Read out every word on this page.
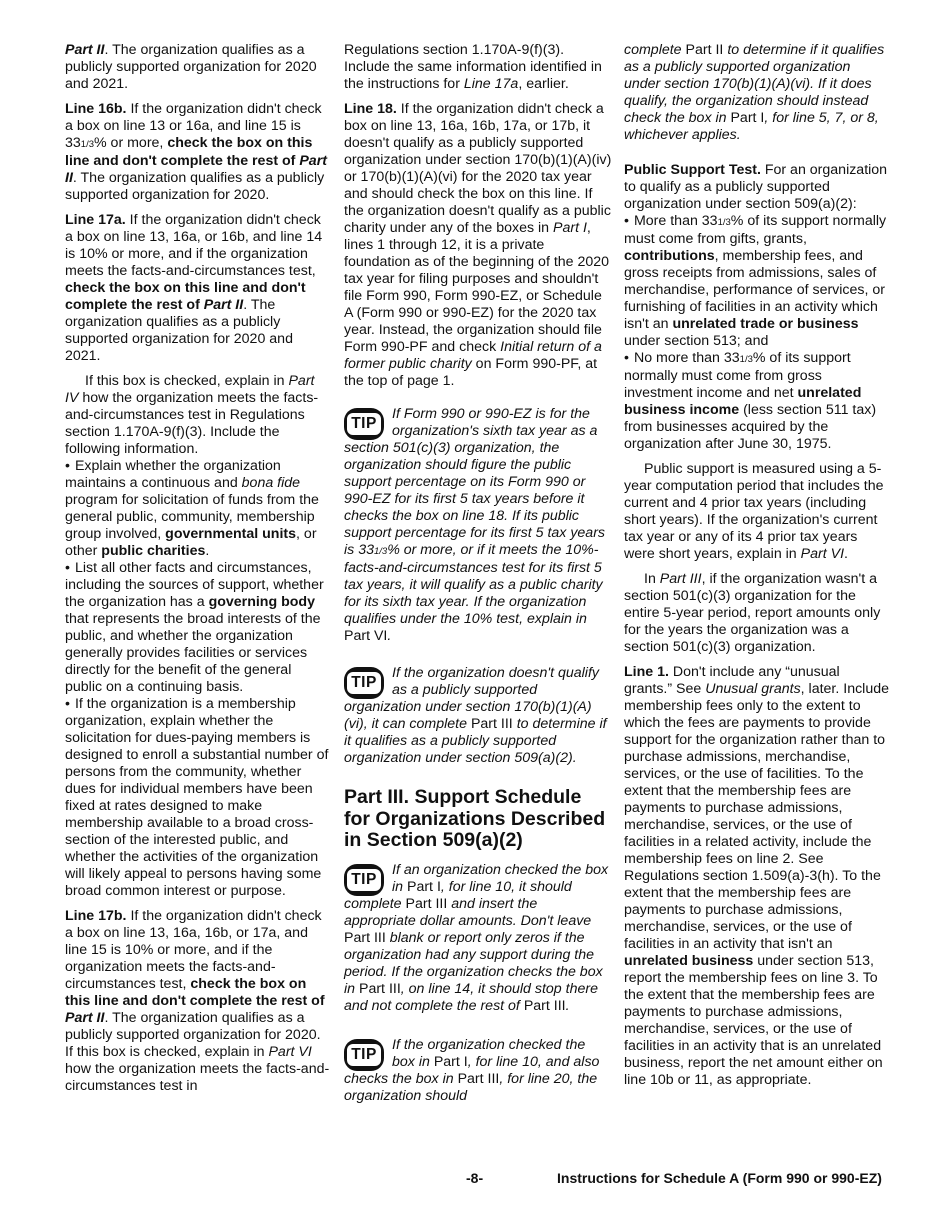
Part II. The organization qualifies as a publicly supported organization for 2020 and 2021.

Line 16b. If the organization didn't check a box on line 13 or 16a, and line 15 is 331/3% or more, check the box on this line and don't complete the rest of Part II. The organization qualifies as a publicly supported organization for 2020.

Line 17a. If the organization didn't check a box on line 13, 16a, or 16b, and line 14 is 10% or more, and if the organization meets the facts-and-circumstances test, check the box on this line and don't complete the rest of Part II. The organization qualifies as a publicly supported organization for 2020 and 2021.

If this box is checked, explain in Part IV how the organization meets the facts-and-circumstances test in Regulations section 1.170A-9(f)(3). Include the following information.

• Explain whether the organization maintains a continuous and bona fide program for solicitation of funds from the general public, community, membership group involved, governmental units, or other public charities.

• List all other facts and circumstances, including the sources of support, whether the organization has a governing body that represents the broad interests of the public, and whether the organization generally provides facilities or services directly for the benefit of the general public on a continuing basis.

• If the organization is a membership organization, explain whether the solicitation for dues-paying members is designed to enroll a substantial number of persons from the community, whether dues for individual members have been fixed at rates designed to make membership available to a broad cross-section of the interested public, and whether the activities of the organization will likely appeal to persons having some broad common interest or purpose.

Line 17b. If the organization didn't check a box on line 13, 16a, 16b, or 17a, and line 15 is 10% or more, and if the organization meets the facts-and-circumstances test, check the box on this line and don't complete the rest of Part II. The organization qualifies as a publicly supported organization for 2020. If this box is checked, explain in Part VI how the organization meets the facts-and-circumstances test in

Regulations section 1.170A-9(f)(3). Include the same information identified in the instructions for Line 17a, earlier.

Line 18. If the organization didn't check a box on line 13, 16a, 16b, 17a, or 17b, it doesn't qualify as a publicly supported organization under section 170(b)(1)(A)(iv) or 170(b)(1)(A)(vi) for the 2020 tax year and should check the box on this line. If the organization doesn't qualify as a public charity under any of the boxes in Part I, lines 1 through 12, it is a private foundation as of the beginning of the 2020 tax year for filing purposes and shouldn't file Form 990, Form 990-EZ, or Schedule A (Form 990 or 990-EZ) for the 2020 tax year. Instead, the organization should file Form 990-PF and check Initial return of a former public charity on Form 990-PF, at the top of page 1.

TIP
If Form 990 or 990-EZ is for the organization's sixth tax year as a section 501(c)(3) organization, the organization should figure the public support percentage on its Form 990 or 990-EZ for its first 5 tax years before it checks the box on line 18. If its public support percentage for its first 5 tax years is 331/3% or more, or if it meets the 10%-facts-and-circumstances test for its first 5 tax years, it will qualify as a public charity for its sixth tax year. If the organization qualifies under the 10% test, explain in Part VI.
TIP
If the organization doesn't qualify as a publicly supported organization under section 170(b)(1)(A)(vi), it can complete Part III to determine if it qualifies as a publicly supported organization under section 509(a)(2).
Part III. Support Schedule for Organizations Described in Section 509(a)(2)
TIP
If an organization checked the box in Part I, for line 10, it should complete Part III and insert the appropriate dollar amounts. Don't leave Part III blank or report only zeros if the organization had any support during the period. If the organization checks the box in Part III, on line 14, it should stop there and not complete the rest of Part III.
TIP
If the organization checked the box in Part I, for line 10, and also checks the box in Part III, for line 20, the organization should

complete Part II to determine if it qualifies as a publicly supported organization under section 170(b)(1)(A)(vi). If it does qualify, the organization should instead check the box in Part I, for line 5, 7, or 8, whichever applies.

Public Support Test. For an organization to qualify as a publicly supported organization under section 509(a)(2):

• More than 331/3% of its support normally must come from gifts, grants, contributions, membership fees, and gross receipts from admissions, sales of merchandise, performance of services, or furnishing of facilities in an activity which isn't an unrelated trade or business under section 513; and

• No more than 331/3% of its support normally must come from gross investment income and net unrelated business income (less section 511 tax) from businesses acquired by the organization after June 30, 1975.

Public support is measured using a 5-year computation period that includes the current and 4 prior tax years (including short years). If the organization's current tax year or any of its 4 prior tax years were short years, explain in Part VI.

In Part III, if the organization wasn't a section 501(c)(3) organization for the entire 5-year period, report amounts only for the years the organization was a section 501(c)(3) organization.

Line 1. Don't include any “unusual grants.” See Unusual grants, later. Include membership fees only to the extent to which the fees are payments to provide support for the organization rather than to purchase admissions, merchandise, services, or the use of facilities. To the extent that the membership fees are payments to purchase admissions, merchandise, services, or the use of facilities in a related activity, include the membership fees on line 2. See Regulations section 1.509(a)-3(h). To the extent that the membership fees are payments to purchase admissions, merchandise, services, or the use of facilities in an activity that isn't an unrelated business under section 513, report the membership fees on line 3. To the extent that the membership fees are payments to purchase admissions, merchandise, services, or the use of facilities in an activity that is an unrelated business, report the net amount either on line 10b or 11, as appropriate.

-8-	Instructions for Schedule A (Form 990 or 990-EZ)
